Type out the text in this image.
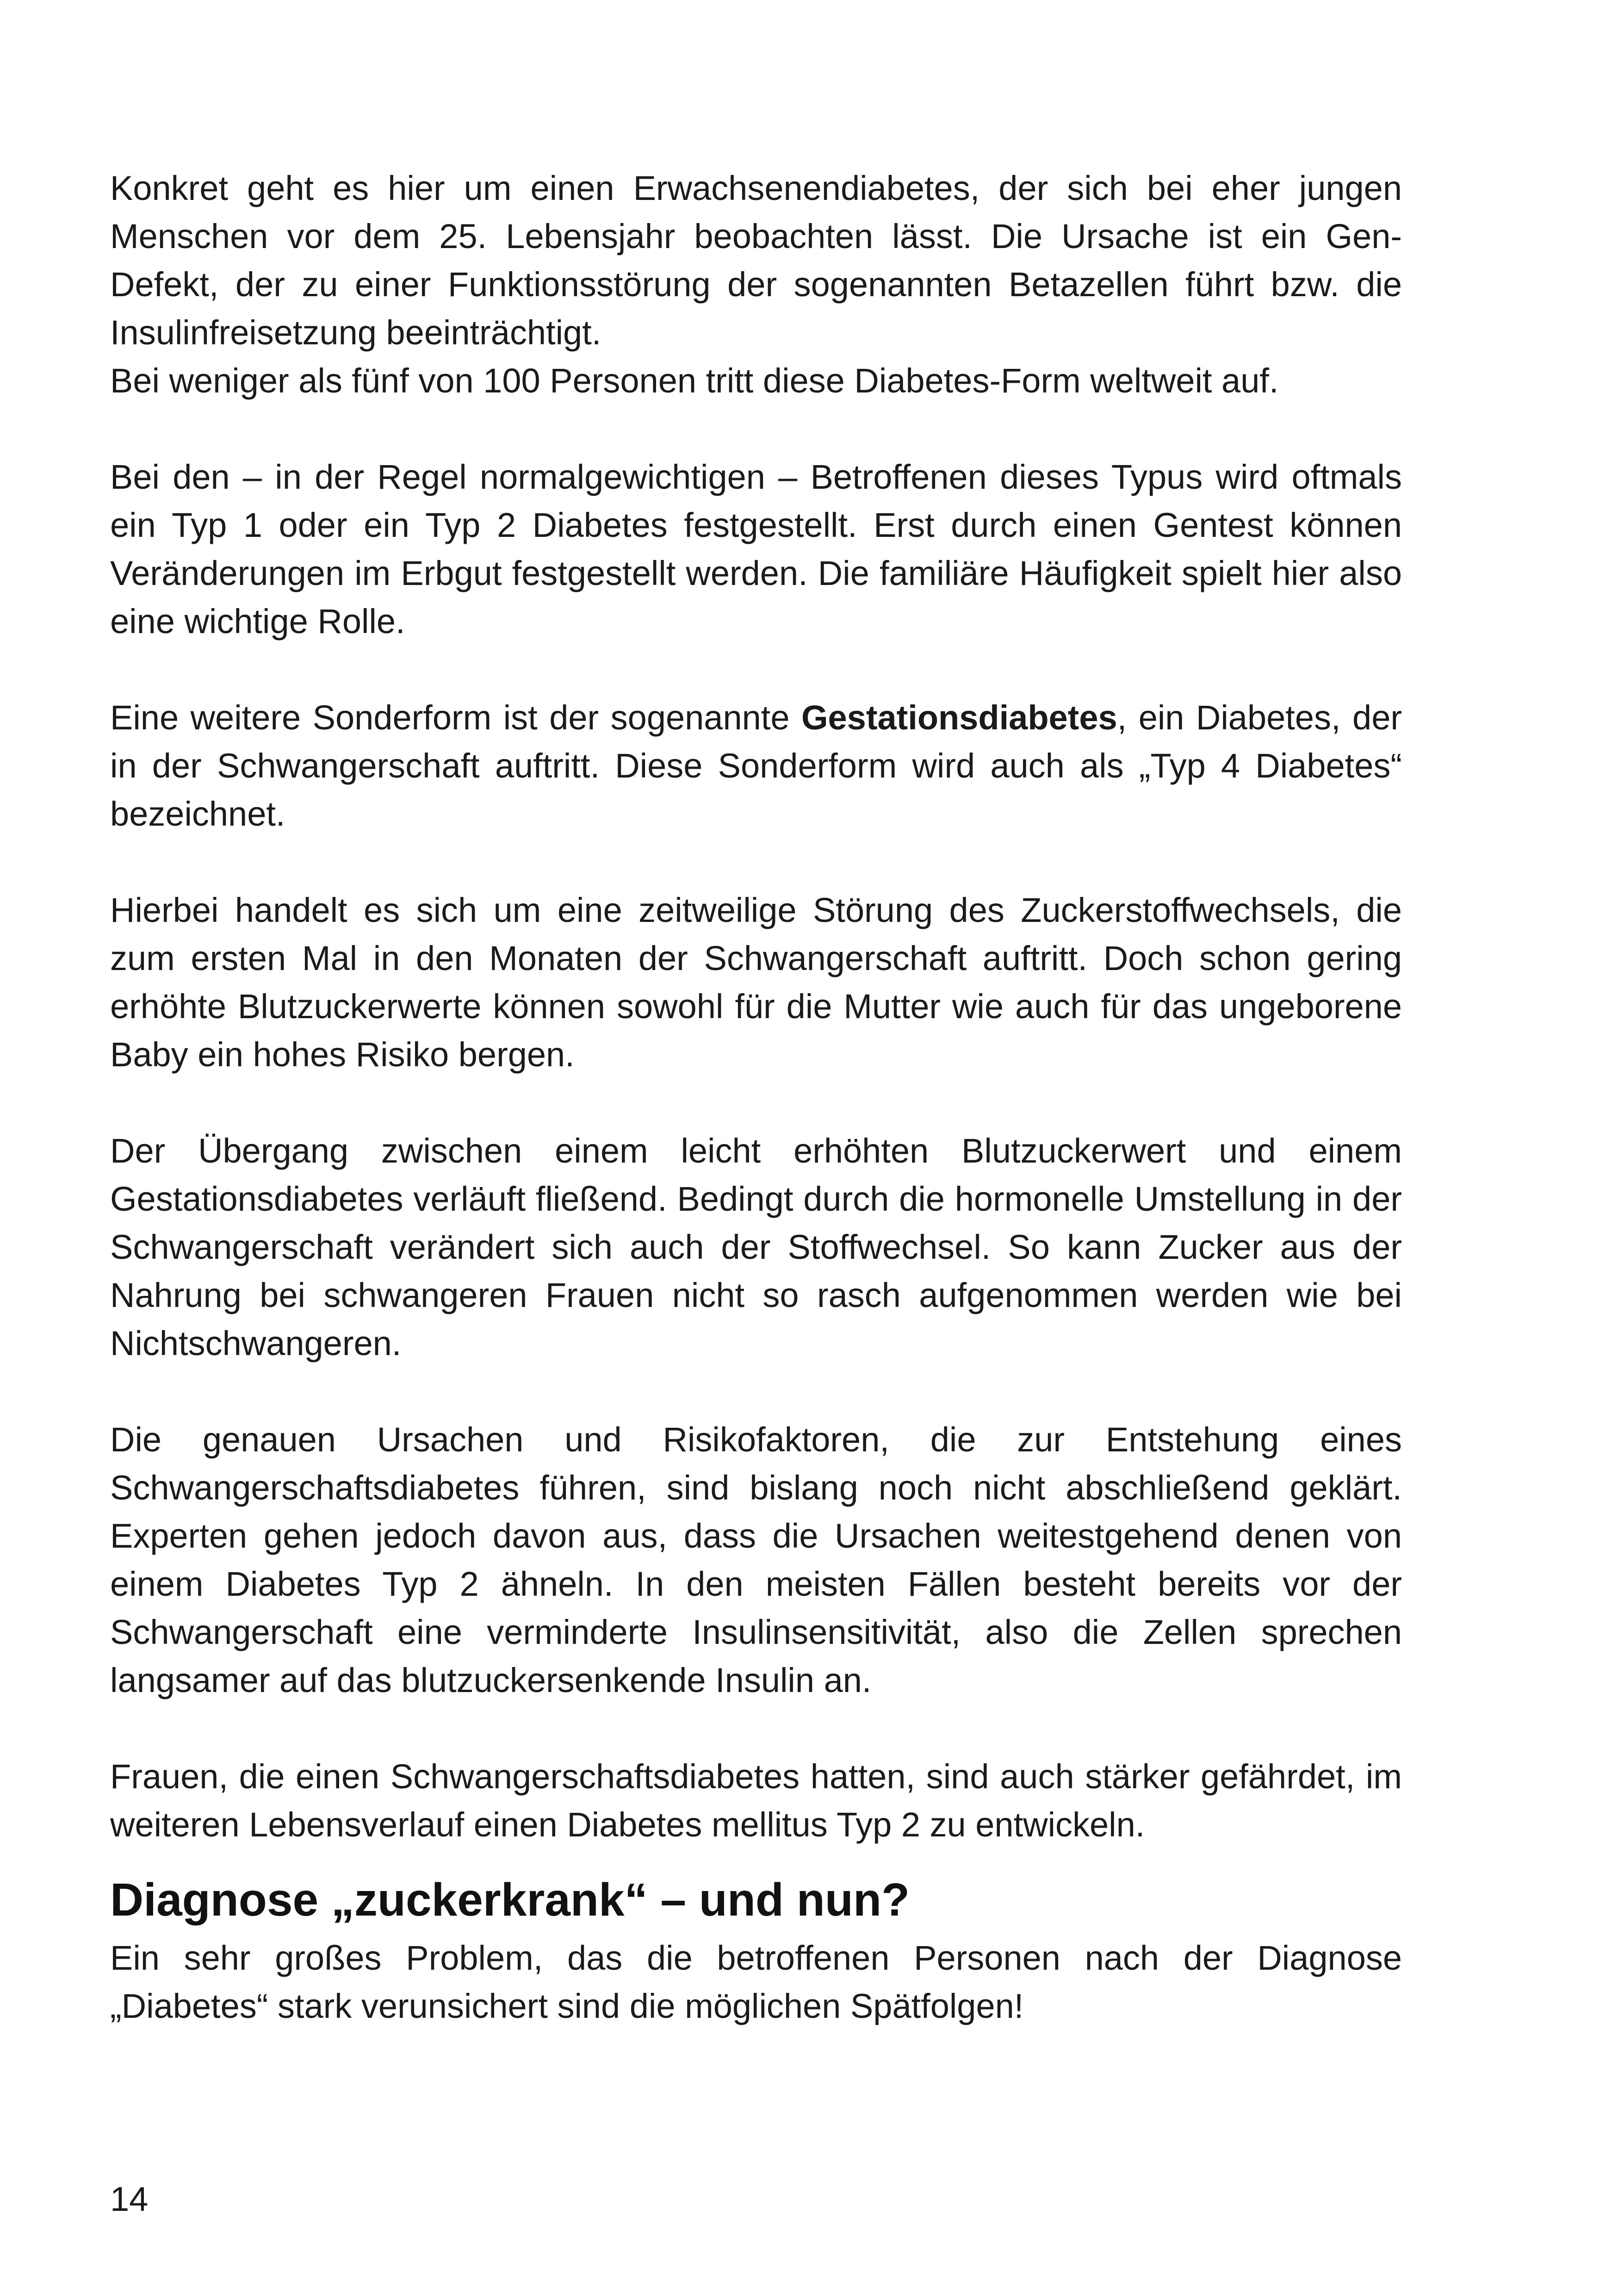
Konkret geht es hier um einen Erwachsenendiabetes, der sich bei eher jungen Menschen vor dem 25. Lebensjahr beobachten lässt. Die Ursache ist ein Gen-Defekt, der zu einer Funktionsstörung der sogenannten Betazellen führt bzw. die Insulinfreisetzung beeinträchtigt.
Bei weniger als fünf von 100 Personen tritt diese Diabetes-Form weltweit auf.

Bei den – in der Regel normalgewichtigen – Betroffenen dieses Typus wird oftmals ein Typ 1 oder ein Typ 2 Diabetes festgestellt. Erst durch einen Gentest können Veränderungen im Erbgut festgestellt werden. Die familiäre Häufigkeit spielt hier also eine wichtige Rolle.

Eine weitere Sonderform ist der sogenannte Gestationsdiabetes, ein Diabetes, der in der Schwangerschaft auftritt. Diese Sonderform wird auch als „Typ 4 Diabetes“ bezeichnet.

Hierbei handelt es sich um eine zeitweilige Störung des Zuckerstoffwechsels, die zum ersten Mal in den Monaten der Schwangerschaft auftritt. Doch schon gering erhöhte Blutzuckerwerte können sowohl für die Mutter wie auch für das ungeborene Baby ein hohes Risiko bergen.

Der Übergang zwischen einem leicht erhöhten Blutzuckerwert und einem Gestationsdiabetes verläuft fließend. Bedingt durch die hormonelle Umstellung in der Schwangerschaft verändert sich auch der Stoffwechsel. So kann Zucker aus der Nahrung bei schwangeren Frauen nicht so rasch aufgenommen werden wie bei Nichtschwangeren.

Die genauen Ursachen und Risikofaktoren, die zur Entstehung eines Schwangerschaftsdiabetes führen, sind bislang noch nicht abschließend geklärt. Experten gehen jedoch davon aus, dass die Ursachen weitestgehend denen von einem Diabetes Typ 2 ähneln. In den meisten Fällen besteht bereits vor der Schwangerschaft eine verminderte Insulinsensitivität, also die Zellen sprechen langsamer auf das blutzuckersenkende Insulin an.

Frauen, die einen Schwangerschaftsdiabetes hatten, sind auch stärker gefährdet, im weiteren Lebensverlauf einen Diabetes mellitus Typ 2 zu entwickeln.

Diagnose „zuckerkrank“ – und nun?

Ein sehr großes Problem, das die betroffenen Personen nach der Diagnose „Diabetes“ stark verunsichert sind die möglichen Spätfolgen!

14
